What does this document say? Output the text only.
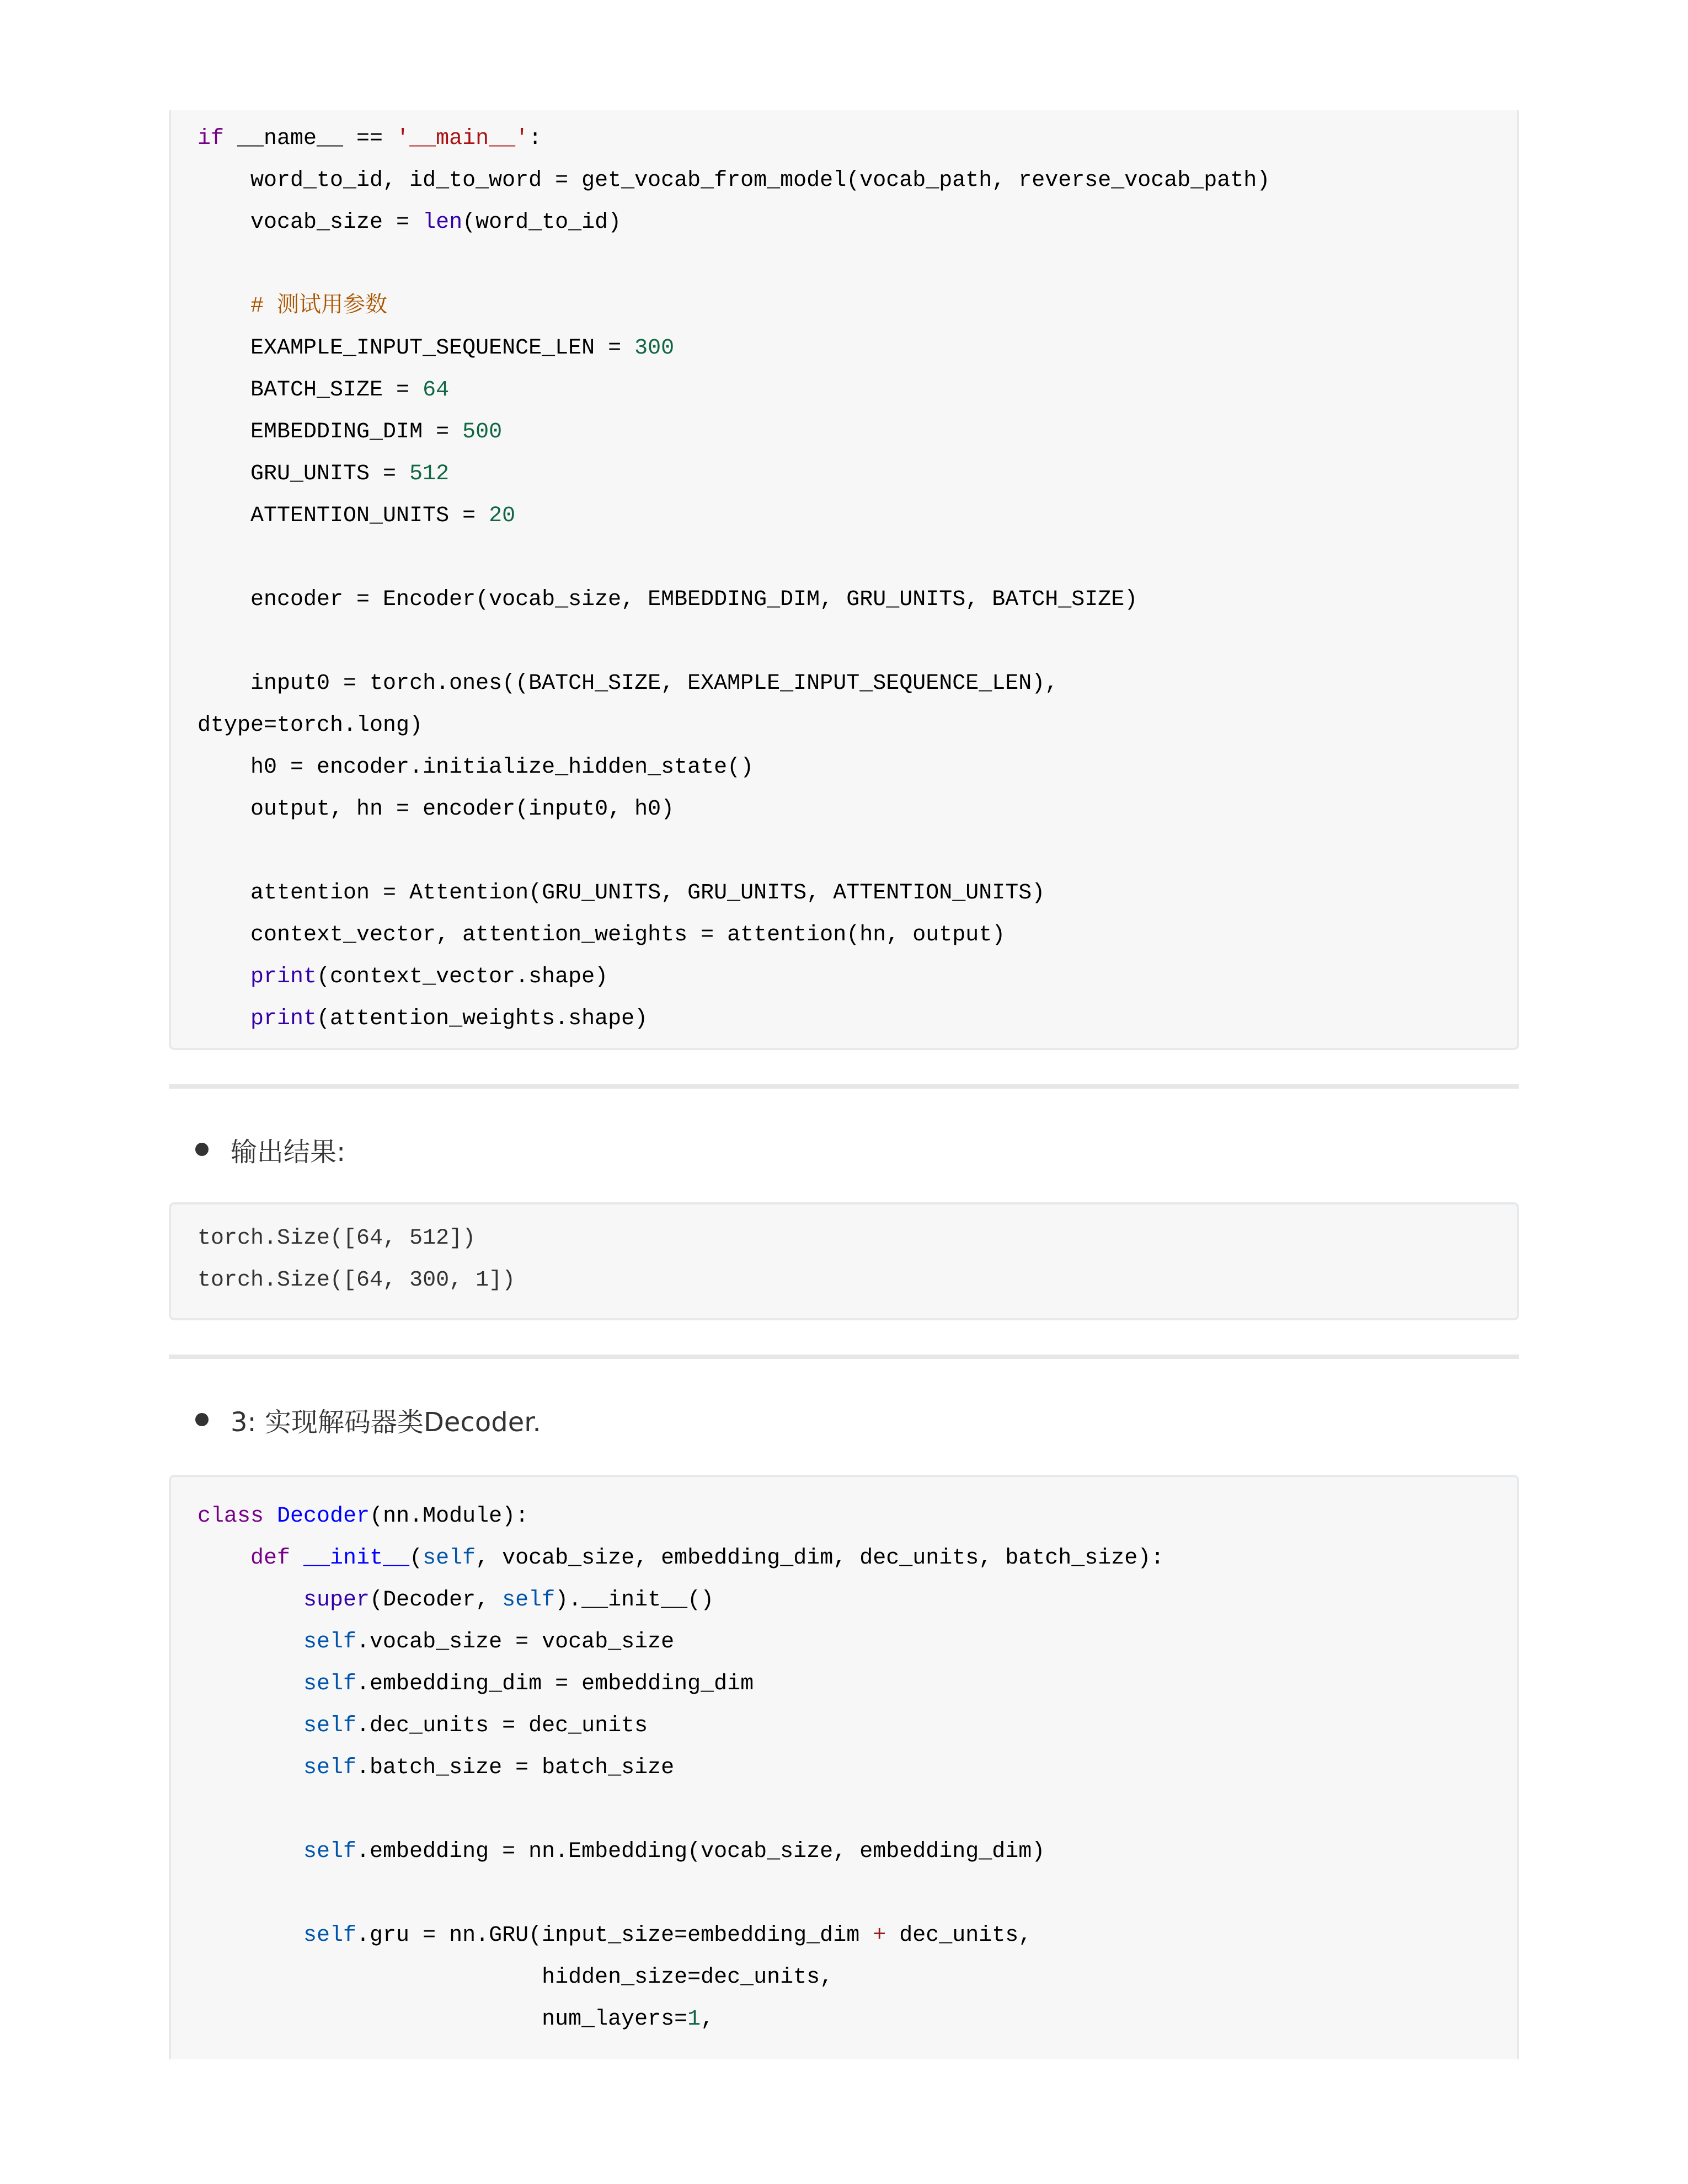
if __name__ == '__main__':
word_to_id, id_to_word = get_vocab_from_model(vocab_path, reverse_vocab_path)
vocab_size = len(word_to_id)

# 测试用参数
EXAMPLE_INPUT_SEQUENCE_LEN = 300
BATCH_SIZE = 64
EMBEDDING_DIM = 500
GRU_UNITS = 512
ATTENTION_UNITS = 20

encoder = Encoder(vocab_size, EMBEDDING_DIM, GRU_UNITS, BATCH_SIZE)

input0 = torch.ones((BATCH_SIZE, EXAMPLE_INPUT_SEQUENCE_LEN),
dtype=torch.long)
h0 = encoder.initialize_hidden_state()
output, hn = encoder(input0, h0)

attention = Attention(GRU_UNITS, GRU_UNITS, ATTENTION_UNITS)
context_vector, attention_weights = attention(hn, output)
print(context_vector.shape)
print(attention_weights.shape)
输出结果:
torch.Size([64, 512])
torch.Size([64, 300, 1])
3: 实现解码器类Decoder.
class Decoder(nn.Module):
def __init__(self, vocab_size, embedding_dim, dec_units, batch_size):
super(Decoder, self).__init__()
self.vocab_size = vocab_size
self.embedding_dim = embedding_dim
self.dec_units = dec_units
self.batch_size = batch_size

self.embedding = nn.Embedding(vocab_size, embedding_dim)

self.gru = nn.GRU(input_size=embedding_dim + dec_units,
hidden_size=dec_units,
num_layers=1,
